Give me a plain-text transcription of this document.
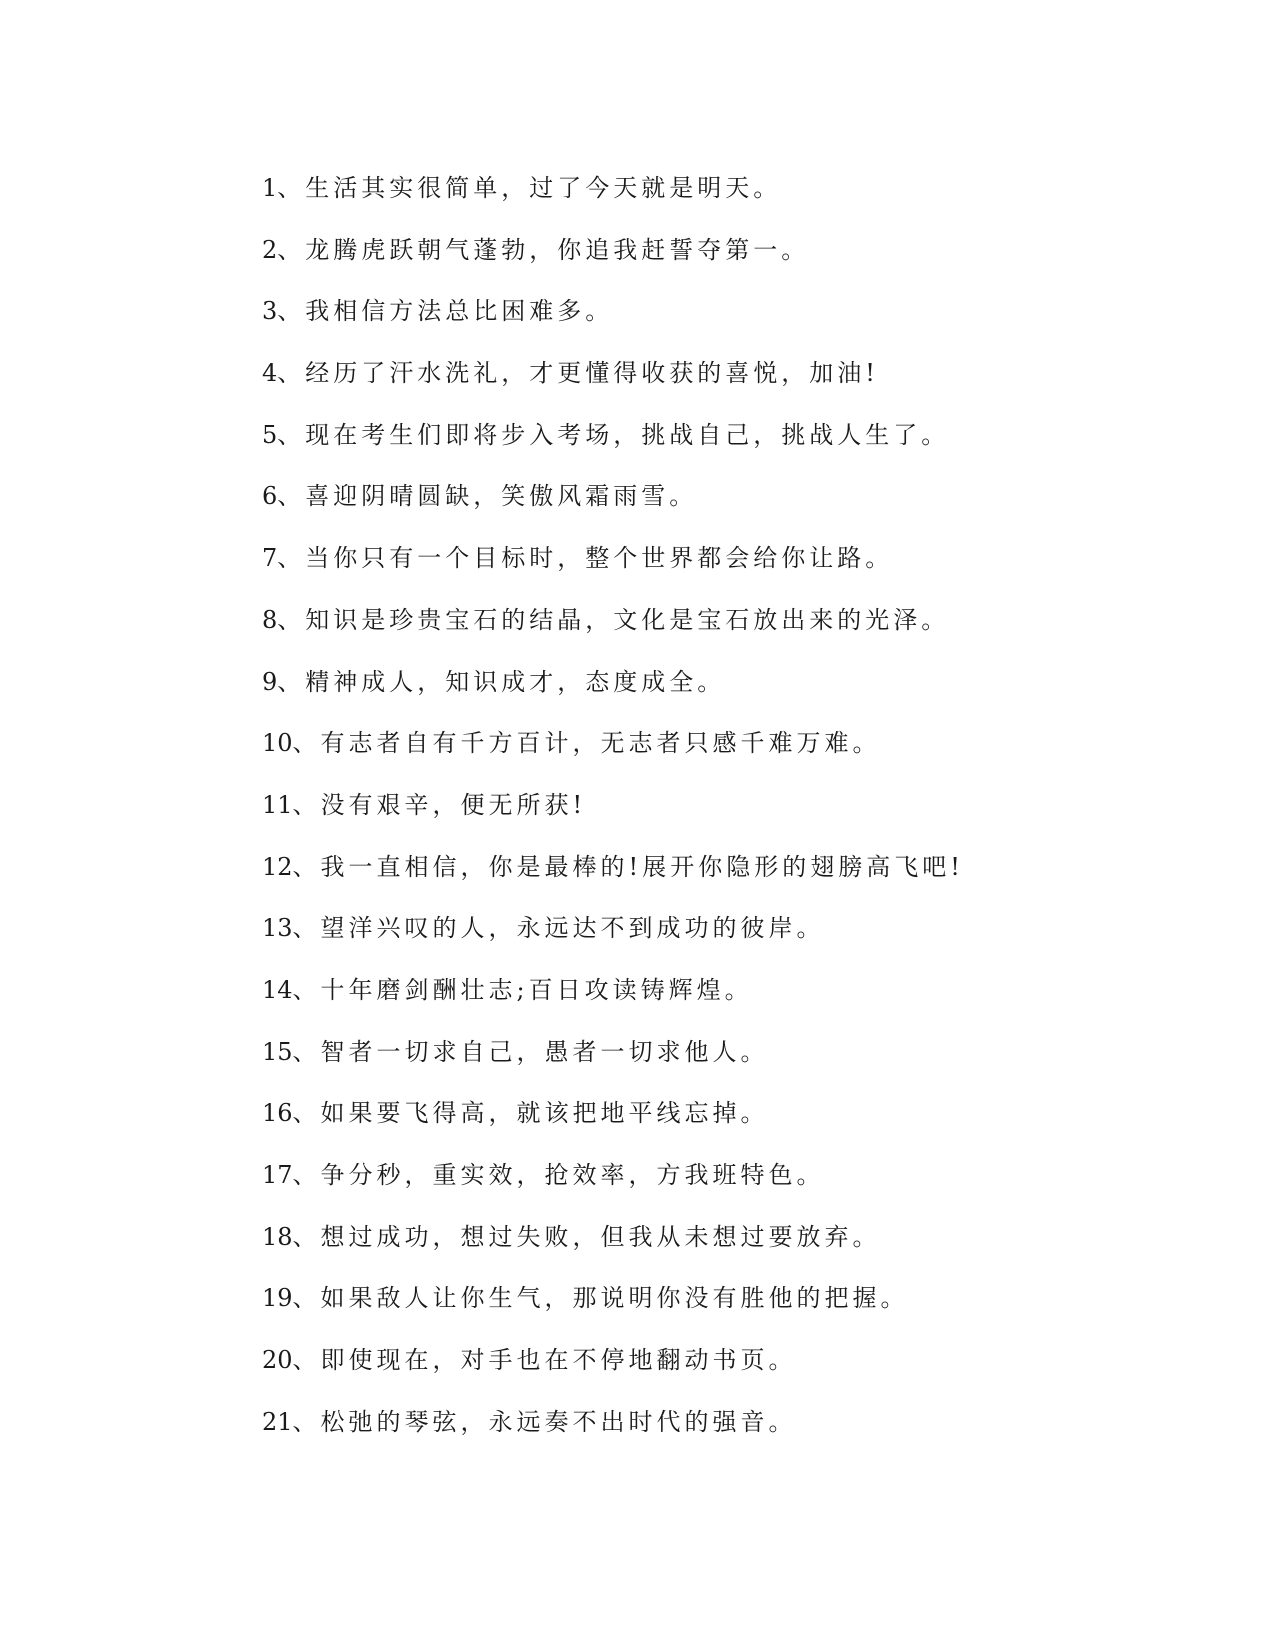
1、生活其实很简单，过了今天就是明天。
2、龙腾虎跃朝气蓬勃，你追我赶誓夺第一。
3、我相信方法总比困难多。
4、经历了汗水洗礼，才更懂得收获的喜悦，加油!
5、现在考生们即将步入考场，挑战自己，挑战人生了。
6、喜迎阴晴圆缺，笑傲风霜雨雪。
7、当你只有一个目标时，整个世界都会给你让路。
8、知识是珍贵宝石的结晶，文化是宝石放出来的光泽。
9、精神成人，知识成才，态度成全。
10、有志者自有千方百计，无志者只感千难万难。
11、没有艰辛，便无所获!
12、我一直相信，你是最棒的!展开你隐形的翅膀高飞吧!
13、望洋兴叹的人，永远达不到成功的彼岸。
14、十年磨剑酬壮志;百日攻读铸辉煌。
15、智者一切求自己，愚者一切求他人。
16、如果要飞得高，就该把地平线忘掉。
17、争分秒，重实效，抢效率，方我班特色。
18、想过成功，想过失败，但我从未想过要放弃。
19、如果敌人让你生气，那说明你没有胜他的把握。
20、即使现在，对手也在不停地翻动书页。
21、松弛的琴弦，永远奏不出时代的强音。
